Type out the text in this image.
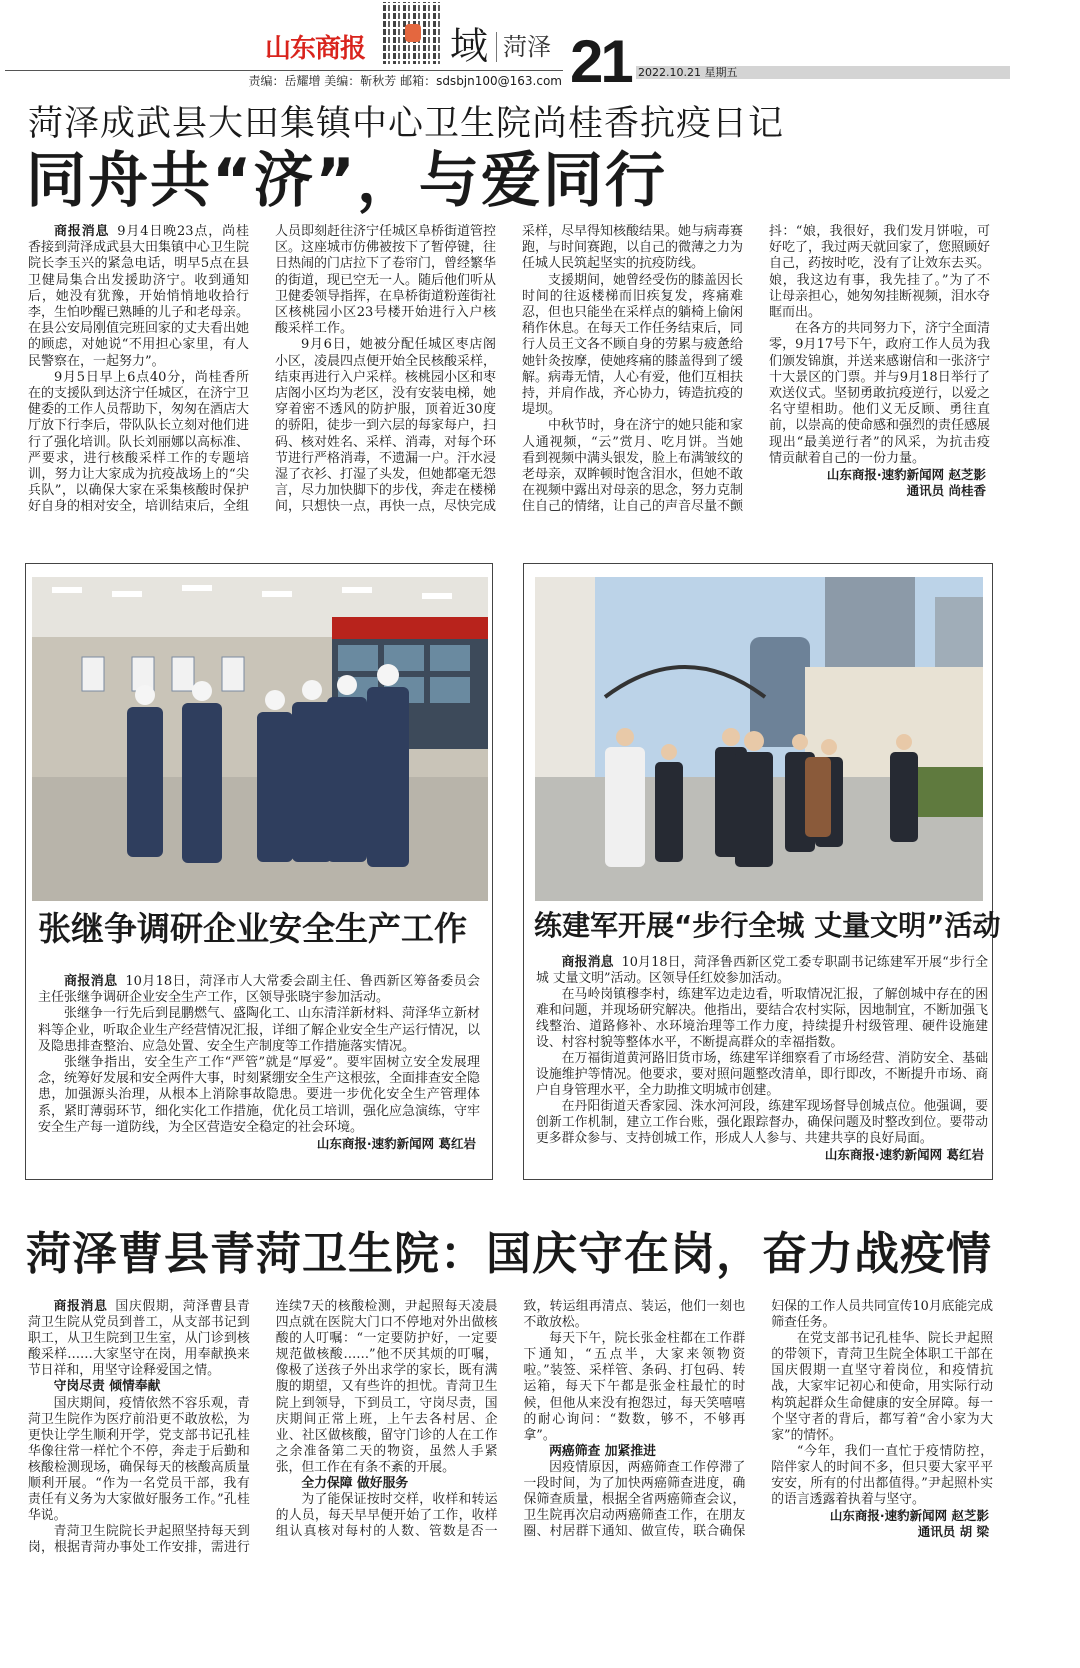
山东商报 域 菏泽
责编：岳耀增 美编：靳秋芳 邮箱：sdsbjn100@163.com 21 2022.10.21 星期五
菏泽成武县大田集镇中心卫生院尚桂香抗疫日记
同舟共“济”，与爱同行

商报消息 9月4日晚23点，尚桂香接到菏泽成武县大田集镇中心卫生院院长李玉兴的紧急电话，明早5点在县卫健局集合出发援助济宁。收到通知后，她没有犹豫，开始悄悄地收拾行李，生怕吵醒已熟睡的儿子和老母亲。在县公安局刚值完班回家的丈夫看出她的顾虑，对她说“不用担心家里，有人民警察在，一起努力”。

9月5日早上6点40分，尚桂香所在的支援队到达济宁任城区，在济宁卫健委的工作人员帮助下，匆匆在酒店大厅放下行李后，带队队长立刻对他们进行了强化培训。队长刘丽娜以高标准、严要求，进行核酸采样工作的专题培训，努力让大家成为抗疫战场上的“尖兵队”，以确保大家在采集核酸时保护好自身的相对安全，培训结束后，全组人员即刻赶往济宁任城区阜桥街道管控区。这座城市仿佛被按下了暂停键，往日热闹的门店拉下了卷帘门，曾经繁华的街道，现已空无一人。随后他们听从卫健委领导指挥，在阜桥街道粉莲街社区核桃园小区23号楼开始进行入户核酸采样工作。

9月6日，她被分配任城区枣店阁小区，凌晨四点便开始全民核酸采样，结束再进行入户采样。核桃园小区和枣店阁小区均为老区，没有安装电梯，她穿着密不透风的防护服，顶着近30度的骄阳，徒步一到六层的每家每户，扫码、核对姓名、采样、消毒，对每个环节进行严格消毒，不遗漏一户。汗水浸湿了衣衫、打湿了头发，但她都毫无怨言，尽力加快脚下的步伐，奔走在楼梯间，只想快一点，再快一点，尽快完成采样，尽早得知核酸结果。她与病毒赛跑，与时间赛跑，以自己的微薄之力为任城人民筑起坚实的抗疫防线。

支援期间，她曾经受伤的膝盖因长时间的往返楼梯而旧疾复发，疼痛难忍，但也只能坐在采样点的躺椅上偷闲稍作休息。在每天工作任务结束后，同行人员王文各不顾自身的劳累与疲惫给她针灸按摩，使她疼痛的膝盖得到了缓解。病毒无情，人心有爱，他们互相扶持，并肩作战，齐心协力，铸造抗疫的堤坝。

中秋节时，身在济宁的她只能和家人通视频，“云”赏月、吃月饼。当她看到视频中满头银发，脸上布满皱纹的老母亲，双眸顿时饱含泪水，但她不敢在视频中露出对母亲的思念，努力克制住自己的情绪，让自己的声音尽量不颤抖：“娘，我很好，我们发月饼啦，可好吃了，我过两天就回家了，您照顾好自己，药按时吃，没有了让效东去买。娘，我这边有事，我先挂了。”为了不让母亲担心，她匆匆挂断视频，泪水夺眶而出。

在各方的共同努力下，济宁全面清零，9月17号下午，政府工作人员为我们颁发锦旗，并送来感谢信和一张济宁十大景区的门票。并与9月18日举行了欢送仪式。坚韧勇敢抗疫逆行，以爱之名守望相助。他们义无反顾、勇往直前，以崇高的使命感和强烈的责任感展现出“最美逆行者”的风采，为抗击疫情贡献着自己的一份力量。

山东商报·速豹新闻网 赵芝影
通讯员 尚桂香
张继争调研企业安全生产工作

商报消息 10月18日，菏泽市人大常委会副主任、鲁西新区筹备委员会主任张继争调研企业安全生产工作，区领导张晓宇参加活动。

张继争一行先后到昆鹏燃气、盛陶化工、山东清洋新材料、菏泽华立新材料等企业，听取企业生产经营情况汇报，详细了解企业安全生产运行情况，以及隐患排查整治、应急处置、安全生产制度等工作措施落实情况。

张继争指出，安全生产工作“严管”就是“厚爱”。要牢固树立安全发展理念，统筹好发展和安全两件大事，时刻紧绷安全生产这根弦，全面排查安全隐患，加强源头治理，从根本上消除事故隐患。要进一步优化安全生产管理体系，紧盯薄弱环节，细化实化工作措施，优化员工培训，强化应急演练，守牢安全生产每一道防线，为全区营造安全稳定的社会环境。

山东商报·速豹新闻网 葛红岩
练建军开展“步行全城 丈量文明”活动

商报消息 10月18日，菏泽鲁西新区党工委专职副书记练建军开展“步行全城 丈量文明”活动。区领导任红姣参加活动。

在马岭岗镇穆李村，练建军边走边看，听取情况汇报，了解创城中存在的困难和问题，并现场研究解决。他指出，要结合农村实际，因地制宜，不断加强飞线整治、道路修补、水环境治理等工作力度，持续提升村级管理、硬件设施建设、村容村貌等整体水平，不断提高群众的幸福指数。

在万福街道黄河路旧货市场，练建军详细察看了市场经营、消防安全、基础设施维护等情况。他要求，要对照问题整改清单，即行即改，不断提升市场、商户自身管理水平，全力助推文明城市创建。

在丹阳街道天香家园、洙水河河段，练建军现场督导创城点位。他强调，要创新工作机制，建立工作台账，强化跟踪督办，确保问题及时整改到位。要带动更多群众参与、支持创城工作，形成人人参与、共建共享的良好局面。

山东商报·速豹新闻网 葛红岩
菏泽曹县青菏卫生院：国庆守在岗，奋力战疫情

商报消息 国庆假期，菏泽曹县青菏卫生院从党员到普工，从支部书记到职工，从卫生院到卫生室，从门诊到核酸采样……大家坚守在岗，用奉献换来节日祥和，用坚守诠释爱国之情。

守岗尽责 倾情奉献

国庆期间，疫情依然不容乐观，青菏卫生院作为医疗前沿更不敢放松，为更快让学生顺利开学，党支部书记孔桂华像往常一样忙个不停，奔走于后勤和核酸检测现场，确保每天的核酸高质量顺利开展。“作为一名党员干部，我有责任有义务为大家做好服务工作。”孔桂华说。

青菏卫生院院长尹起照坚持每天到岗，根据青菏办事处工作安排，需进行连续7天的核酸检测，尹起照每天凌晨四点就在医院大门口不停地对外出做核酸的人叮嘱：“一定要防护好，一定要规范做核酸……”他不厌其烦的叮嘱，像极了送孩子外出求学的家长，既有满腹的期望，又有些许的担忧。青菏卫生院上到领导，下到员工，守岗尽责，国庆期间正常上班，上午去各村居、企业、社区做核酸，留守门诊的人在工作之余准备第二天的物资，虽然人手紧张，但工作在有条不紊的开展。

全力保障 做好服务

为了能保证按时交样，收样和转运的人员，每天早早便开始了工作，收样组认真核对每村的人数、管数是否一致，转运组再清点、装运，他们一刻也不敢放松。

每天下午，院长张金柱都在工作群下通知，“五点半，大家来领物资啦。”装签、采样管、条码、打包码、转运箱，每天下午都是张金柱最忙的时候，但他从来没有抱怨过，每天笑嘻嘻的耐心询问：“数数，够不，不够再拿”。

两癌筛查 加紧推进

因疫情原因，两癌筛查工作停滞了一段时间，为了加快两癌筛查进度，确保筛查质量，根据全省两癌筛查会议，卫生院再次启动两癌筛查工作，在朋友圈、村居群下通知、做宣传，联合确保妇保的工作人员共同宣传10月底能完成筛查任务。

在党支部书记孔桂华、院长尹起照的带领下，青菏卫生院全体职工干部在国庆假期一直坚守着岗位，和疫情抗战，大家牢记初心和使命，用实际行动构筑起群众生命健康的安全屏障。每一个坚守者的背后，都写着“舍小家为大家”的情怀。

“今年，我们一直忙于疫情防控，陪伴家人的时间不多，但只要大家平平安安，所有的付出都值得。”尹起照朴实的语言透露着执着与坚守。

山东商报·速豹新闻网 赵芝影
通讯员 胡 梁
